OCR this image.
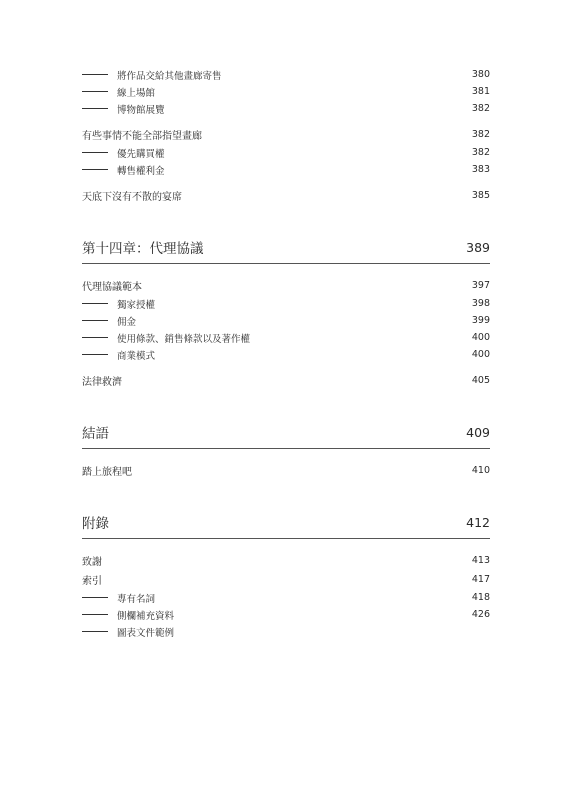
將作品交給其他畫廊寄售	380
線上場館	381
博物館展覽	382
有些事情不能全部指望畫廊	382
優先購買權	382
轉售權利金	383
天底下沒有不散的宴席	385
第十四章：代理協議	389
代理協議範本	397
獨家授權	398
佣金	399
使用條款、銷售條款以及著作權	400
商業模式	400
法律救濟	405
結語	409
踏上旅程吧	410
附錄	412
致謝	413
索引	417
專有名詞	418
側欄補充資料	426
圖表文件範例
